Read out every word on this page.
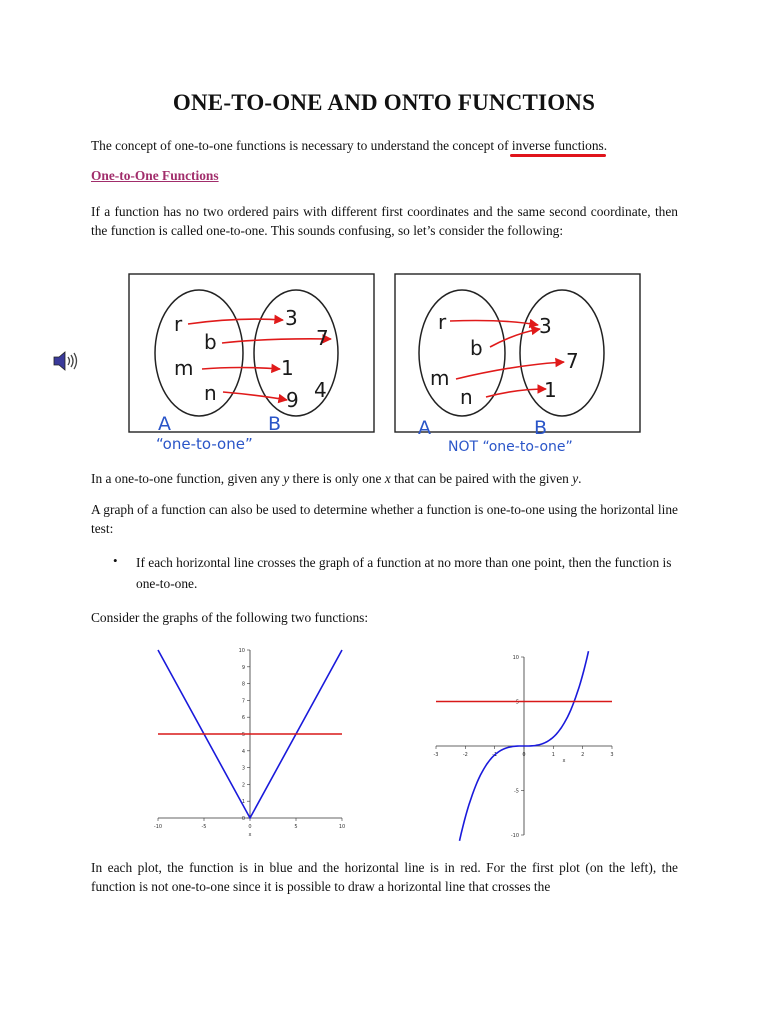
ONE-TO-ONE AND ONTO FUNCTIONS
The concept of one-to-one functions is necessary to understand the concept of inverse functions.
One-to-One Functions
If a function has no two ordered pairs with different first coordinates and the same second coordinate, then the function is called one-to-one. This sounds confusing, so let’s consider the following:
r
b
m
n
3
7
1
9 4
A	B
“one-to-one”
r
b
m
n
3
7
1
A	B
NOT “one-to-one”
In a one-to-one function, given any y there is only one x that can be paired with the given y.
A graph of a function can also be used to determine whether a function is one-to-one using the horizontal line test:
• If each horizontal line crosses the graph of a function at no more than one point, then the function is one-to-one.
Consider the graphs of the following two functions:
-10	-5	0	5	10
0
1
2
3
4
5
6
7
8
9
10
x
-3	-2	-1	0	1	2	3
-10
-5
5
10
x
In each plot, the function is in blue and the horizontal line is in red. For the first plot (on the left), the function is not one-to-one since it is possible to draw a horizontal line that crosses the
